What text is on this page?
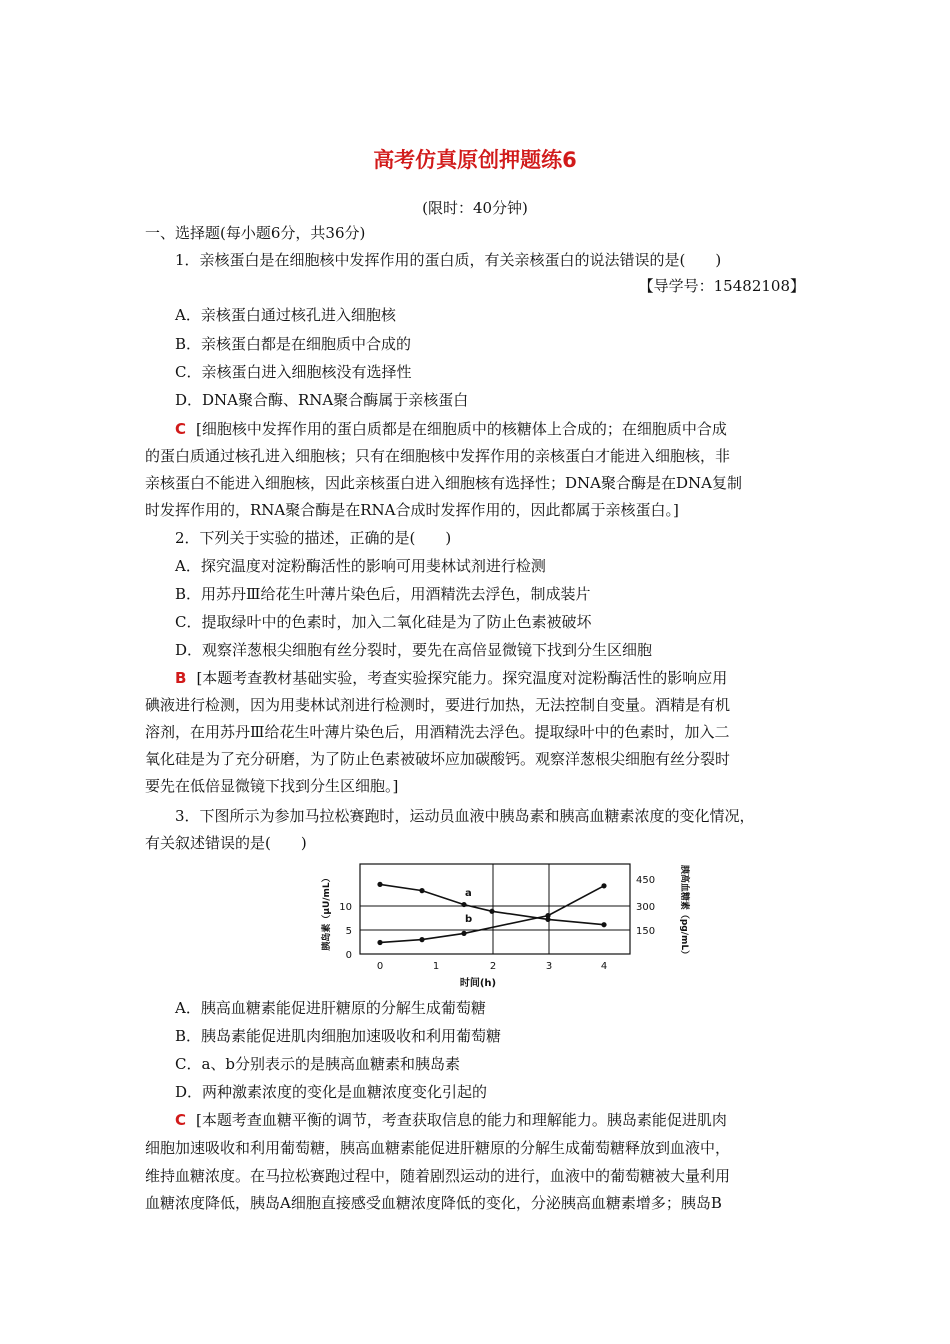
高考仿真原创押题练6
(限时：40分钟)
一、选择题(每小题6分，共36分)
1．亲核蛋白是在细胞核中发挥作用的蛋白质，有关亲核蛋白的说法错误的是(　　)
【导学号：15482108】
A．亲核蛋白通过核孔进入细胞核
B．亲核蛋白都是在细胞质中合成的
C．亲核蛋白进入细胞核没有选择性
D．DNA聚合酶、RNA聚合酶属于亲核蛋白
C [细胞核中发挥作用的蛋白质都是在细胞质中的核糖体上合成的；在细胞质中合成
的蛋白质通过核孔进入细胞核；只有在细胞核中发挥作用的亲核蛋白才能进入细胞核，非
亲核蛋白不能进入细胞核，因此亲核蛋白进入细胞核有选择性；DNA聚合酶是在DNA复制
时发挥作用的，RNA聚合酶是在RNA合成时发挥作用的，因此都属于亲核蛋白。]
2．下列关于实验的描述，正确的是(　　)
A．探究温度对淀粉酶活性的影响可用斐林试剂进行检测
B．用苏丹Ⅲ给花生叶薄片染色后，用酒精洗去浮色，制成装片
C．提取绿叶中的色素时，加入二氧化硅是为了防止色素被破坏
D．观察洋葱根尖细胞有丝分裂时，要先在高倍显微镜下找到分生区细胞
B [本题考查教材基础实验，考查实验探究能力。探究温度对淀粉酶活性的影响应用
碘液进行检测，因为用斐林试剂进行检测时，要进行加热，无法控制自变量。酒精是有机
溶剂，在用苏丹Ⅲ给花生叶薄片染色后，用酒精洗去浮色。提取绿叶中的色素时，加入二
氧化硅是为了充分研磨，为了防止色素被破坏应加碳酸钙。观察洋葱根尖细胞有丝分裂时
要先在低倍显微镜下找到分生区细胞。]
3．下图所示为参加马拉松赛跑时，运动员血液中胰岛素和胰高血糖素浓度的变化情况，
有关叙述错误的是(　　)
a
b
0
5
10
150
300
450
0	1	2	3	4
时间(h)
胰岛素（μU/mL）	胰高血糖素（pg/mL）
A．胰高血糖素能促进肝糖原的分解生成葡萄糖
B．胰岛素能促进肌肉细胞加速吸收和利用葡萄糖
C．a、b分别表示的是胰高血糖素和胰岛素
D．两种激素浓度的变化是血糖浓度变化引起的
C [本题考查血糖平衡的调节，考查获取信息的能力和理解能力。胰岛素能促进肌肉
细胞加速吸收和利用葡萄糖，胰高血糖素能促进肝糖原的分解生成葡萄糖释放到血液中，
维持血糖浓度。在马拉松赛跑过程中，随着剧烈运动的进行，血液中的葡萄糖被大量利用
血糖浓度降低，胰岛A细胞直接感受血糖浓度降低的变化，分泌胰高血糖素增多；胰岛B
